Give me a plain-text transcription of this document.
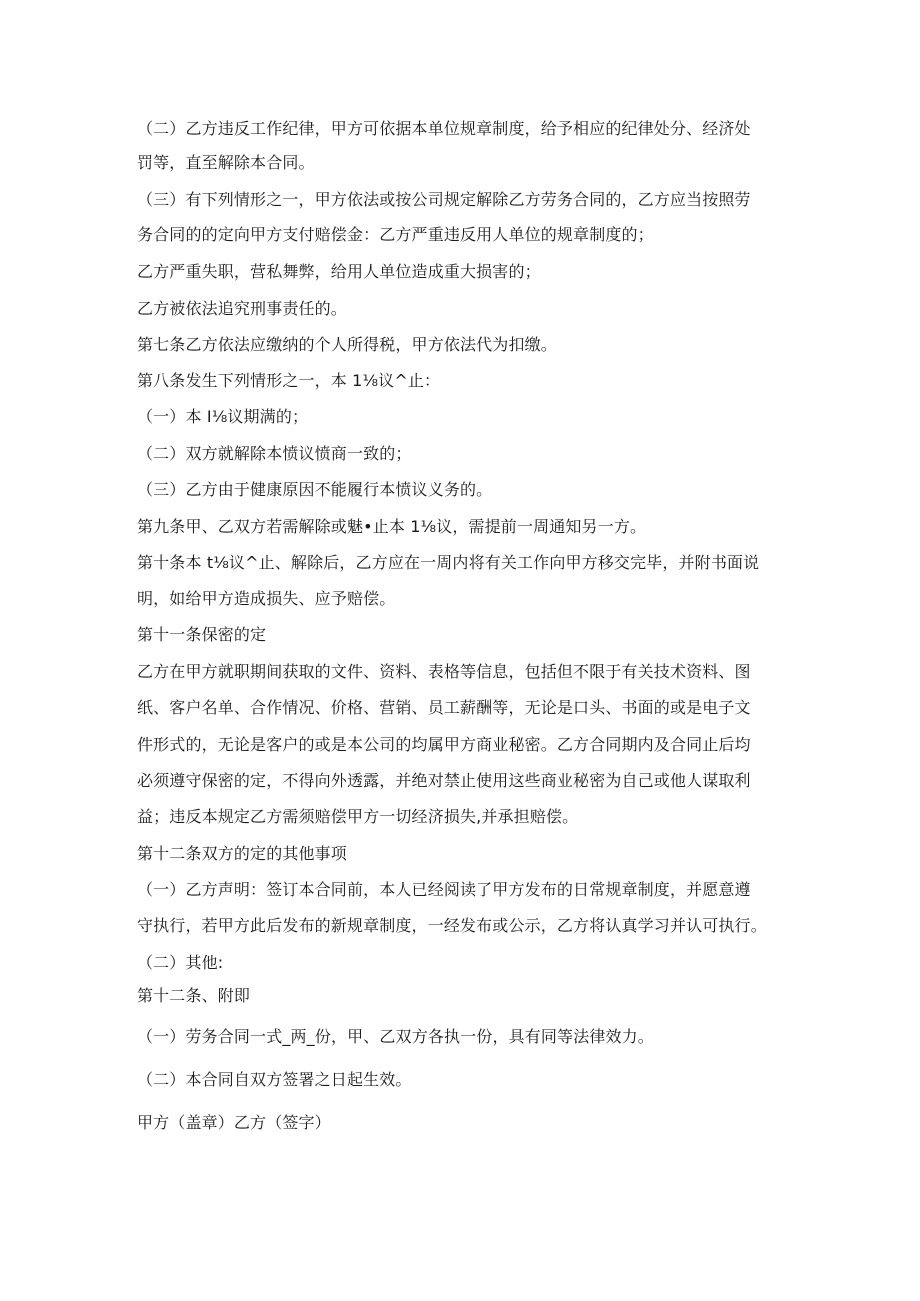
（二）乙方违反工作纪律，甲方可依据本单位规章制度，给予相应的纪律处分、经济处
罚等，直至解除本合同。
（三）有下列情形之一，甲方依法或按公司规定解除乙方劳务合同的，乙方应当按照劳
务合同的的定向甲方支付赔偿金：乙方严重违反用人单位的规章制度的；
乙方严重失职，营私舞弊，给用人单位造成重大损害的；
乙方被依法追究刑事责任的。
第七条乙方依法应缴纳的个人所得税，甲方依法代为扣缴。
第八条发生下列情形之一，本 1⅛议^止：
（一）本 I⅛议期满的；
（二）双方就解除本愤议愤商一致的；
（三）乙方由于健康原因不能履行本愤议义务的。
第九条甲、乙双方若需解除或魅•止本 1⅛议，需提前一周通知另一方。
第十条本 t⅛议^止、解除后，乙方应在一周内将有关工作向甲方移交完毕，并附书面说
明，如给甲方造成损失、应予赔偿。
第十一条保密的定
乙方在甲方就职期间获取的文件、资料、表格等信息，包括但不限于有关技术资料、图
纸、客户名单、合作情况、价格、营销、员工薪酬等，无论是口头、书面的或是电子文
件形式的，无论是客户的或是本公司的均属甲方商业秘密。乙方合同期内及合同止后均
必须遵守保密的定，不得向外透露，并绝对禁止使用这些商业秘密为自己或他人谋取利
益；违反本规定乙方需须赔偿甲方一切经济损失,并承担赔偿。
第十二条双方的定的其他事项
（一）乙方声明：签订本合同前，本人已经阅读了甲方发布的日常规章制度，并愿意遵
守执行，若甲方此后发布的新规章制度，一经发布或公示，乙方将认真学习并认可执行。
（二）其他:
第十二条、附即
（一）劳务合同一式_两_份，甲、乙双方各执一份，具有同等法律效力。
（二）本合同自双方签署之日起生效。
甲方（盖章）乙方（签字）
